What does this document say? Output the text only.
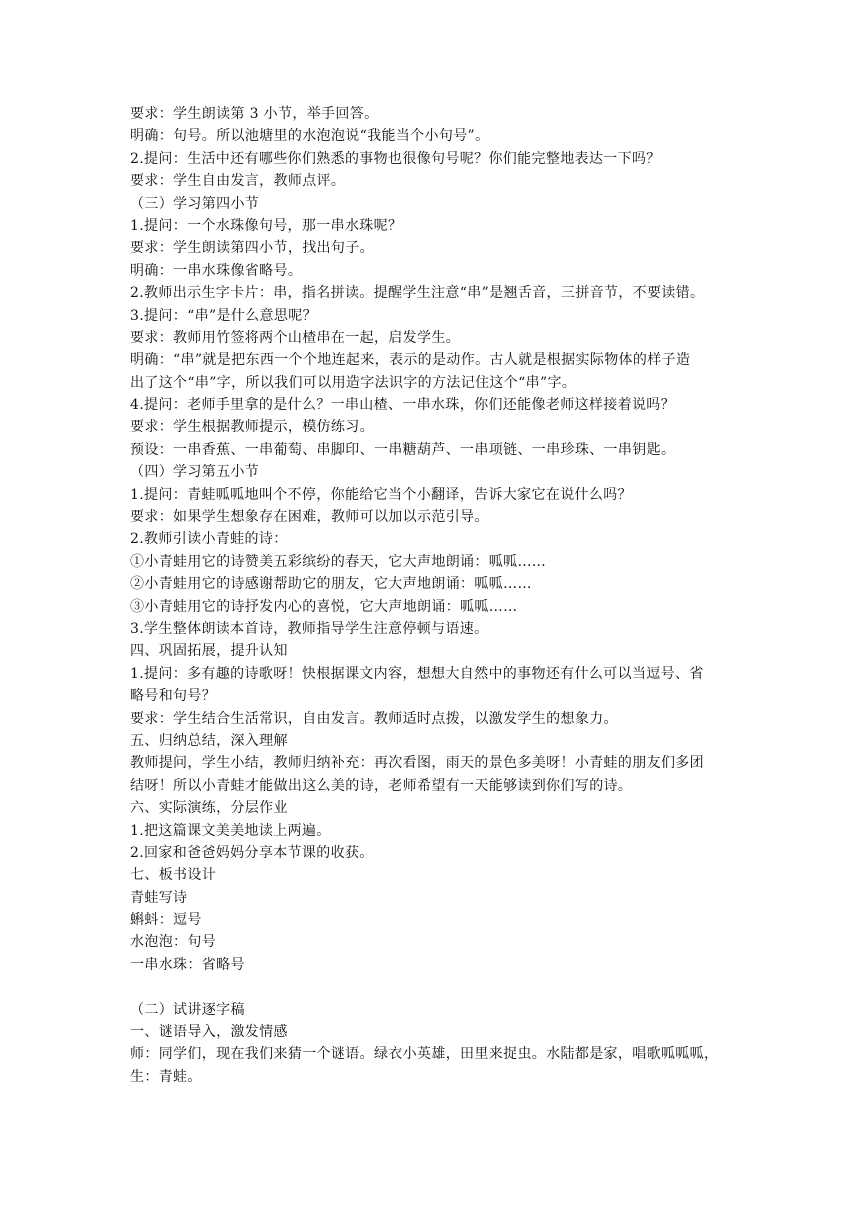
要求：学生朗读第 3 小节，举手回答。
明确：句号。所以池塘里的水泡泡说“我能当个小句号”。
2.提问：生活中还有哪些你们熟悉的事物也很像句号呢？你们能完整地表达一下吗？
要求：学生自由发言，教师点评。
（三）学习第四小节
1.提问：一个水珠像句号，那一串水珠呢？
要求：学生朗读第四小节，找出句子。
明确：一串水珠像省略号。
2.教师出示生字卡片：串，指名拼读。提醒学生注意“串”是翘舌音，三拼音节，不要读错。
3.提问：“串”是什么意思呢？
要求：教师用竹签将两个山楂串在一起，启发学生。
明确：“串”就是把东西一个个地连起来，表示的是动作。古人就是根据实际物体的样子造
出了这个“串”字，所以我们可以用造字法识字的方法记住这个“串”字。
4.提问：老师手里拿的是什么？一串山楂、一串水珠，你们还能像老师这样接着说吗？
要求：学生根据教师提示，模仿练习。
预设：一串香蕉、一串葡萄、串脚印、一串糖葫芦、一串项链、一串珍珠、一串钥匙。
（四）学习第五小节
1.提问：青蛙呱呱地叫个不停，你能给它当个小翻译，告诉大家它在说什么吗？
要求：如果学生想象存在困难，教师可以加以示范引导。
2.教师引读小青蛙的诗：
①小青蛙用它的诗赞美五彩缤纷的春天，它大声地朗诵：呱呱……
②小青蛙用它的诗感谢帮助它的朋友，它大声地朗诵：呱呱……
③小青蛙用它的诗抒发内心的喜悦，它大声地朗诵：呱呱……
3.学生整体朗读本首诗，教师指导学生注意停顿与语速。
四、巩固拓展，提升认知
1.提问：多有趣的诗歌呀！快根据课文内容，想想大自然中的事物还有什么可以当逗号、省
略号和句号？
要求：学生结合生活常识，自由发言。教师适时点拨，以激发学生的想象力。
五、归纳总结，深入理解
教师提问，学生小结，教师归纳补充：再次看图，雨天的景色多美呀！小青蛙的朋友们多团
结呀！所以小青蛙才能做出这么美的诗，老师希望有一天能够读到你们写的诗。
六、实际演练，分层作业
1.把这篇课文美美地读上两遍。
2.回家和爸爸妈妈分享本节课的收获。
七、板书设计
青蛙写诗
蝌蚪：逗号
水泡泡：句号
一串水珠：省略号
（二）试讲逐字稿
一、谜语导入，激发情感
师：同学们，现在我们来猜一个谜语。绿衣小英雄，田里来捉虫。水陆都是家，唱歌呱呱呱，
生：青蛙。
